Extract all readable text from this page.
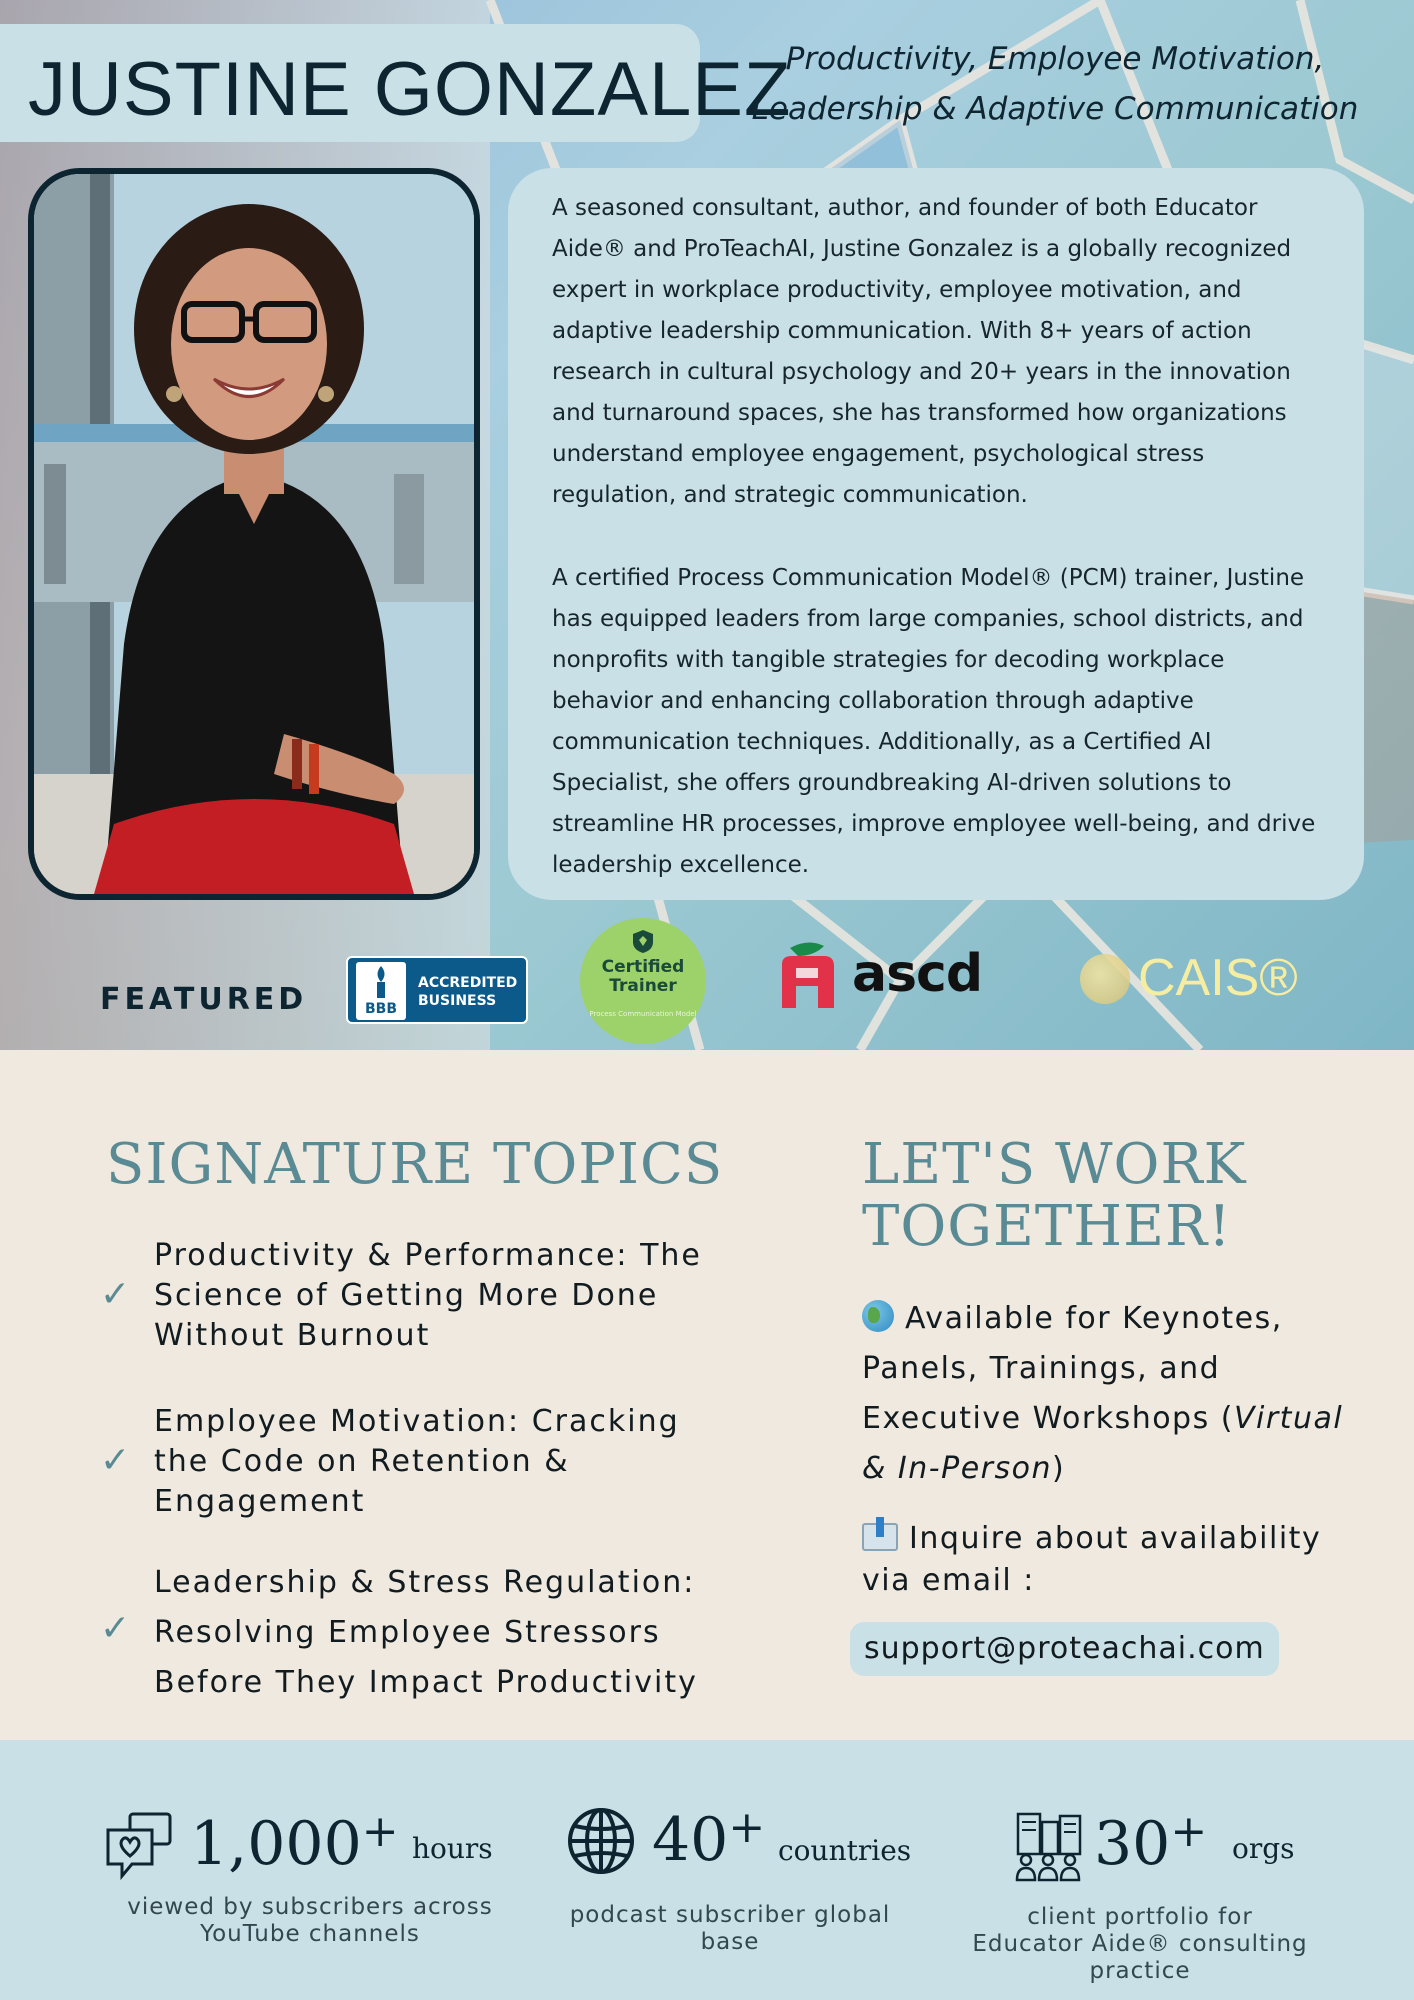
JUSTINE GONZALEZ
Productivity, Employee Motivation,
Leadership & Adaptive Communication

A seasoned consultant, author, and founder of both Educator Aide® and ProTeachAI, Justine Gonzalez is a globally recognized expert in workplace productivity, employee motivation, and adaptive leadership communication. With 8+ years of action research in cultural psychology and 20+ years in the innovation and turnaround spaces, she has transformed how organizations understand employee engagement, psychological stress regulation, and strategic communication.

A certified Process Communication Model® (PCM) trainer, Justine has equipped leaders from large companies, school districts, and nonprofits with tangible strategies for decoding workplace behavior and enhancing collaboration through adaptive communication techniques. Additionally, as a Certified AI Specialist, she offers groundbreaking AI-driven solutions to streamline HR processes, improve employee well-being, and drive leadership excellence.

FEATURED	BBB
ACCREDITED
BUSINESS
Certified
Trainer
Process Communication Model
ascd	CAIS®
SIGNATURE TOPICS
✓
Productivity & Performance: The Science of Getting More Done Without Burnout
✓
Employee Motivation: Cracking the Code on Retention & Engagement
✓
Leadership & Stress Regulation: Resolving Employee Stressors Before They Impact Productivity
LET'S WORK TOGETHER!
Available for Keynotes, Panels, Trainings, and Executive Workshops (Virtual & In-Person)
Inquire about availability via email :
support@proteachai.com
1,000+ hours
viewed by subscribers across YouTube channels
40+ countries
podcast subscriber global base
30+ orgs
client portfolio for Educator Aide® consulting practice
